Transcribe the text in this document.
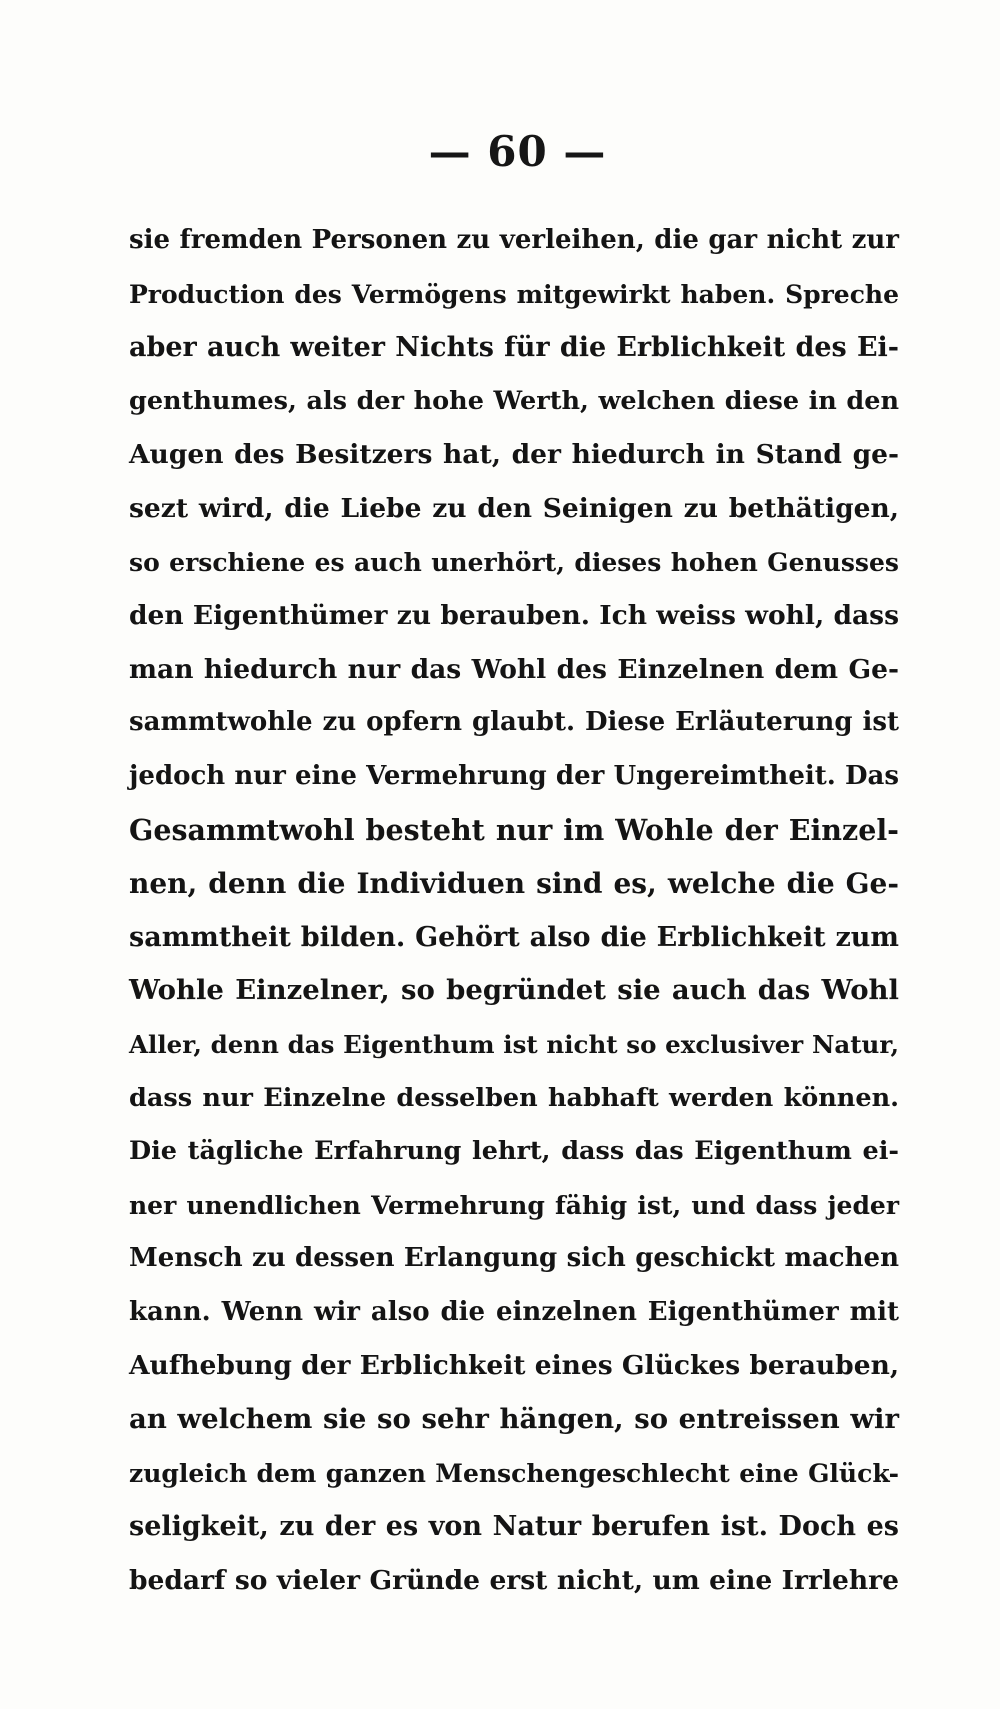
— 60 —
sie fremden Personen zu verleihen, die gar nicht zur
Production des Vermögens mitgewirkt haben. Spreche
aber auch weiter Nichts für die Erblichkeit des Ei-
genthumes, als der hohe Werth, welchen diese in den
Augen des Besitzers hat, der hiedurch in Stand ge-
sezt wird, die Liebe zu den Seinigen zu bethätigen,
so erschiene es auch unerhört, dieses hohen Genusses
den Eigenthümer zu berauben. Ich weiss wohl, dass
man hiedurch nur das Wohl des Einzelnen dem Ge-
sammtwohle zu opfern glaubt. Diese Erläuterung ist
jedoch nur eine Vermehrung der Ungereimtheit. Das
Gesammtwohl besteht nur im Wohle der Einzel-
nen, denn die Individuen sind es, welche die Ge-
sammtheit bilden. Gehört also die Erblichkeit zum
Wohle Einzelner, so begründet sie auch das Wohl
Aller, denn das Eigenthum ist nicht so exclusiver Natur,
dass nur Einzelne desselben habhaft werden können.
Die tägliche Erfahrung lehrt, dass das Eigenthum ei-
ner unendlichen Vermehrung fähig ist, und dass jeder
Mensch zu dessen Erlangung sich geschickt machen
kann. Wenn wir also die einzelnen Eigenthümer mit
Aufhebung der Erblichkeit eines Glückes berauben,
an welchem sie so sehr hängen, so entreissen wir
zugleich dem ganzen Menschengeschlecht eine Glück-
seligkeit, zu der es von Natur berufen ist. Doch es
bedarf so vieler Gründe erst nicht, um eine Irrlehre
